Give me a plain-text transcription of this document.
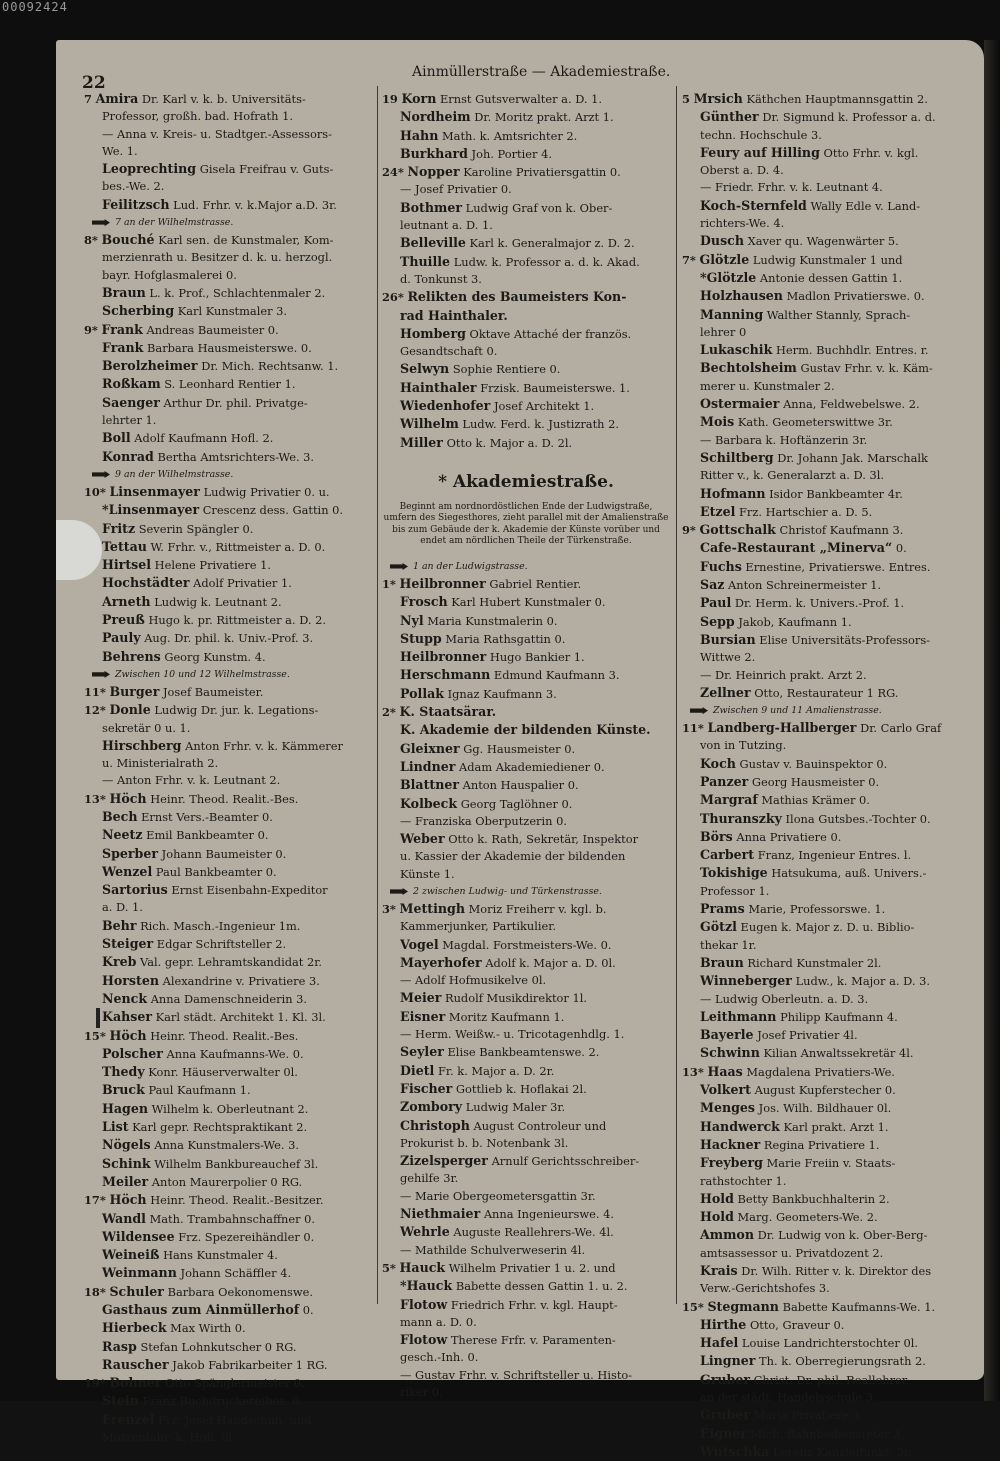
00092424
22
Ainmüllerstraße — Akademiestraße.
7 Amira Dr. Karl v. k. b. Universitäts-
Professor, großh. bad. Hofrath 1.
— Anna v. Kreis- u. Stadtger.-Assessors-
We. 1.
Leoprechting Gisela Freifrau v. Guts-
bes.-We. 2.
Feilitzsch Lud. Frhr. v. k.Major a.D. 3r.
7 an der Wilhelmstrasse.
8* Bouché Karl sen. de Kunstmaler, Kom-
merzienrath u. Besitzer d. k. u. herzogl.
bayr. Hofglasmalerei 0.
Braun L. k. Prof., Schlachtenmaler 2.
Scherbing Karl Kunstmaler 3.
9* Frank Andreas Baumeister 0.
Frank Barbara Hausmeisterswe. 0.
Berolzheimer Dr. Mich. Rechtsanw. 1.
Roßkam S. Leonhard Rentier 1.
Saenger Arthur Dr. phil. Privatge-
lehrter 1.
Boll Adolf Kaufmann Hofl. 2.
Konrad Bertha Amtsrichters-We. 3.
9 an der Wilhelmstrasse.
10* Linsenmayer Ludwig Privatier 0. u.
*Linsenmayer Crescenz dess. Gattin 0.
Fritz Severin Spängler 0.
Tettau W. Frhr. v., Rittmeister a. D. 0.
Hirtsel Helene Privatiere 1.
Hochstädter Adolf Privatier 1.
Arneth Ludwig k. Leutnant 2.
Preuß Hugo k. pr. Rittmeister a. D. 2.
Pauly Aug. Dr. phil. k. Univ.-Prof. 3.
Behrens Georg Kunstm. 4.
Zwischen 10 und 12 Wilhelmstrasse.
11* Burger Josef Baumeister.
12* Donle Ludwig Dr. jur. k. Legations-
sekretär 0 u. 1.
Hirschberg Anton Frhr. v. k. Kämmerer
u. Ministerialrath 2.
— Anton Frhr. v. k. Leutnant 2.
13* Höch Heinr. Theod. Realit.-Bes.
Bech Ernst Vers.-Beamter 0.
Neetz Emil Bankbeamter 0.
Sperber Johann Baumeister 0.
Wenzel Paul Bankbeamter 0.
Sartorius Ernst Eisenbahn-Expeditor
a. D. 1.
Behr Rich. Masch.-Ingenieur 1m.
Steiger Edgar Schriftsteller 2.
Kreb Val. gepr. Lehramtskandidat 2r.
Horsten Alexandrine v. Privatiere 3.
Nenck Anna Damenschneiderin 3.
Kahser Karl städt. Architekt 1. Kl. 3l.
15* Höch Heinr. Theod. Realit.-Bes.
Polscher Anna Kaufmanns-We. 0.
Thedy Konr. Häuserverwalter 0l.
Bruck Paul Kaufmann 1.
Hagen Wilhelm k. Oberleutnant 2.
List Karl gepr. Rechtspraktikant 2.
Nögels Anna Kunstmalers-We. 3.
Schink Wilhelm Bankbureauchef 3l.
Meiler Anton Maurerpolier 0 RG.
17* Höch Heinr. Theod. Realit.-Besitzer.
Wandl Math. Trambahnschaffner 0.
Wildensee Frz. Spezereihändler 0.
Weineiß Hans Kunstmaler 4.
Weinmann Johann Schäffler 4.
18* Schuler Barbara Oekonomenswe.
Gasthaus zum Ainmüllerhof 0.
Hierbeck Max Wirth 0.
Rasp Stefan Lohnkutscher 0 RG.
Rauscher Jakob Fabrikarbeiter 1 RG.
19* Bohner Otto Spänglermeister 0.
Stein Franz Buchdruckereibes. 0.
Frenzel Frz. Josef Handschuh- und
Mützenfabr. k. Hofl. 0l.
19 Korn Ernst Gutsverwalter a. D. 1.
Nordheim Dr. Moritz prakt. Arzt 1.
Hahn Math. k. Amtsrichter 2.
Burkhard Joh. Portier 4.
24* Nopper Karoline Privatiersgattin 0.
— Josef Privatier 0.
Bothmer Ludwig Graf von k. Ober-
leutnant a. D. 1.
Belleville Karl k. Generalmajor z. D. 2.
Thuille Ludw. k. Professor a. d. k. Akad.
d. Tonkunst 3.
26* Relikten des Baumeisters Kon-
rad Hainthaler.
Homberg Oktave Attaché der französ.
Gesandtschaft 0.
Selwyn Sophie Rentiere 0.
Hainthaler Frzisk. Baumeisterswe. 1.
Wiedenhofer Josef Architekt 1.
Wilhelm Ludw. Ferd. k. Justizrath 2.
Miller Otto k. Major a. D. 2l.
* Akademiestraße.
Beginnt am nordnordöstlichen Ende der Ludwigstraße, umfern des Siegesthores, zieht parallel mit der Amalienstraße bis zum Gebäude der k. Akademie der Künste vorüber und endet am nördlichen Theile der Türkenstraße.
1 an der Ludwigstrasse.
1* Heilbronner Gabriel Rentier.
Frosch Karl Hubert Kunstmaler 0.
Nyl Maria Kunstmalerin 0.
Stupp Maria Rathsgattin 0.
Heilbronner Hugo Bankier 1.
Herschmann Edmund Kaufmann 3.
Pollak Ignaz Kaufmann 3.
2* K. Staatsärar.
K. Akademie der bildenden Künste.
Gleixner Gg. Hausmeister 0.
Lindner Adam Akademiediener 0.
Blattner Anton Hauspalier 0.
Kolbeck Georg Taglöhner 0.
— Franziska Oberputzerin 0.
Weber Otto k. Rath, Sekretär, Inspektor
u. Kassier der Akademie der bildenden
Künste 1.
2 zwischen Ludwig- und Türkenstrasse.
3* Mettingh Moriz Freiherr v. kgl. b.
Kammerjunker, Partikulier.
Vogel Magdal. Forstmeisters-We. 0.
Mayerhofer Adolf k. Major a. D. 0l.
— Adolf Hofmusikelve 0l.
Meier Rudolf Musikdirektor 1l.
Eisner Moritz Kaufmann 1.
— Herm. Weißw.- u. Tricotagenhdlg. 1.
Seyler Elise Bankbeamtenswe. 2.
Dietl Fr. k. Major a. D. 2r.
Fischer Gottlieb k. Hoflakai 2l.
Zombory Ludwig Maler 3r.
Christoph August Controleur und
Prokurist b. b. Notenbank 3l.
Zizelsperger Arnulf Gerichtsschreiber-
gehilfe 3r.
— Marie Obergeometersgattin 3r.
Niethmaier Anna Ingenieurswe. 4.
Wehrle Auguste Reallehrers-We. 4l.
— Mathilde Schulverweserin 4l.
5* Hauck Wilhelm Privatier 1 u. 2. und
*Hauck Babette dessen Gattin 1. u. 2.
Flotow Friedrich Frhr. v. kgl. Haupt-
mann a. D. 0.
Flotow Therese Frfr. v. Paramenten-
gesch.-Inh. 0.
— Gustav Frhr. v. Schriftsteller u. Histo-
riker 0.
5 Mrsich Käthchen Hauptmannsgattin 2.
Günther Dr. Sigmund k. Professor a. d.
techn. Hochschule 3.
Feury auf Hilling Otto Frhr. v. kgl.
Oberst a. D. 4.
— Friedr. Frhr. v. k. Leutnant 4.
Koch-Sternfeld Wally Edle v. Land-
richters-We. 4.
Dusch Xaver qu. Wagenwärter 5.
7* Glötzle Ludwig Kunstmaler 1 und
*Glötzle Antonie dessen Gattin 1.
Holzhausen Madlon Privatierswe. 0.
Manning Walther Stannly, Sprach-
lehrer 0
Lukaschik Herm. Buchhdlr. Entres. r.
Bechtolsheim Gustav Frhr. v. k. Käm-
merer u. Kunstmaler 2.
Ostermaier Anna, Feldwebelswe. 2.
Mois Kath. Geometerswittwe 3r.
— Barbara k. Hoftänzerin 3r.
Schiltberg Dr. Johann Jak. Marschalk
Ritter v., k. Generalarzt a. D. 3l.
Hofmann Isidor Bankbeamter 4r.
Etzel Frz. Hartschier a. D. 5.
9* Gottschalk Christof Kaufmann 3.
Cafe-Restaurant „Minerva“ 0.
Fuchs Ernestine, Privatierswe. Entres.
Saz Anton Schreinermeister 1.
Paul Dr. Herm. k. Univers.-Prof. 1.
Sepp Jakob, Kaufmann 1.
Bursian Elise Universitäts-Professors-
Wittwe 2.
— Dr. Heinrich prakt. Arzt 2.
Zellner Otto, Restaurateur 1 RG.
Zwischen 9 und 11 Amalienstrasse.
11* Landberg-Hallberger Dr. Carlo Graf
von in Tutzing.
Koch Gustav v. Bauinspektor 0.
Panzer Georg Hausmeister 0.
Margraf Mathias Krämer 0.
Thuranszky Ilona Gutsbes.-Tochter 0.
Börs Anna Privatiere 0.
Carbert Franz, Ingenieur Entres. l.
Tokishige Hatsukuma, auß. Univers.-
Professor 1.
Prams Marie, Professorswe. 1.
Götzl Eugen k. Major z. D. u. Biblio-
thekar 1r.
Braun Richard Kunstmaler 2l.
Winneberger Ludw., k. Major a. D. 3.
— Ludwig Oberleutn. a. D. 3.
Leithmann Philipp Kaufmann 4.
Bayerle Josef Privatier 4l.
Schwinn Kilian Anwaltssekretär 4l.
13* Haas Magdalena Privatiers-We.
Volkert August Kupferstecher 0.
Menges Jos. Wilh. Bildhauer 0l.
Handwerck Karl prakt. Arzt 1.
Hackner Regina Privatiere 1.
Freyberg Marie Freiin v. Staats-
rathstochter 1.
Hold Betty Bankbuchhalterin 2.
Hold Marg. Geometers-We. 2.
Ammon Dr. Ludwig von k. Ober-Berg-
amtsassessor u. Privatdozent 2.
Krais Dr. Wilh. Ritter v. k. Direktor des
Verw.-Gerichtshofes 3.
15* Stegmann Babette Kaufmanns-We. 1.
Hirthe Otto, Graveur 0.
Hafel Louise Landrichterstochter 0l.
Lingner Th. k. Oberregierungsrath 2.
Gruber Christ. Dr. phil. Reallehrer
an der städt. Handelsschule 3.
Gruber Maria Privatiere 3.
Eigner Mich. Bahnbediensteter 3.
Wutschka Lorenz Kanzleifunkt. 3r.
